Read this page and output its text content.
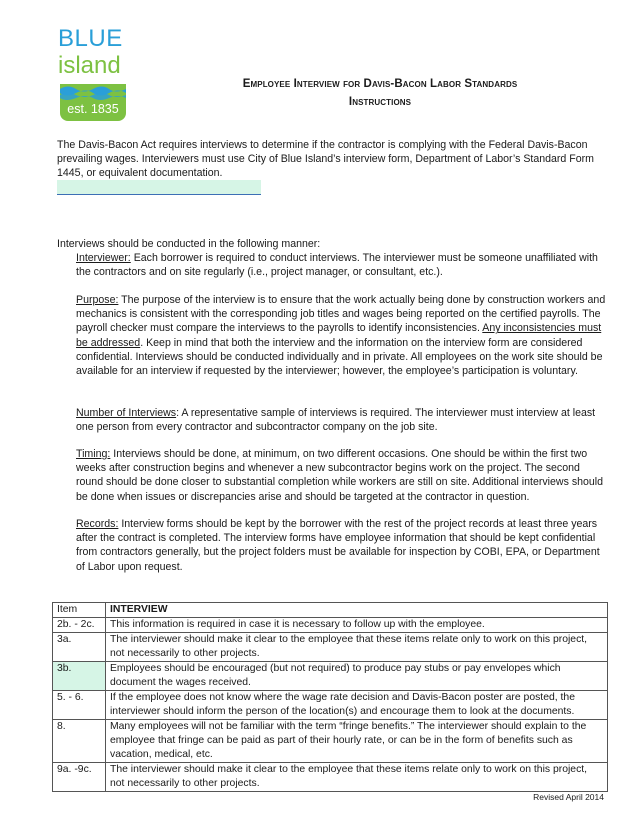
BLUE
island
est. 1835
Employee Interview for Davis-Bacon Labor Standards
Instructions
The Davis-Bacon Act requires interviews to determine if the contractor is complying with the Federal Davis-Bacon prevailing wages. Interviewers must use City of Blue Island’s interview form, Department of Labor’s Standard Form 1445, or equivalent documentation.
Interviews should be conducted in the following manner:
Interviewer: Each borrower is required to conduct interviews. The interviewer must be someone unaffiliated with the contractors and on site regularly (i.e., project manager, or consultant, etc.).
Purpose: The purpose of the interview is to ensure that the work actually being done by construction workers and mechanics is consistent with the corresponding job titles and wages being reported on the certified payrolls. The payroll checker must compare the interviews to the payrolls to identify inconsistencies. Any inconsistencies must be addressed. Keep in mind that both the interview and the information on the interview form are considered confidential. Interviews should be conducted individually and in private. All employees on the work site should be available for an interview if requested by the interviewer; however, the employee’s participation is voluntary.
Number of Interviews: A representative sample of interviews is required. The interviewer must interview at least one person from every contractor and subcontractor company on the job site.
Timing: Interviews should be done, at minimum, on two different occasions. One should be within the first two weeks after construction begins and whenever a new subcontractor begins work on the project. The second round should be done closer to substantial completion while workers are still on site. Additional interviews should be done when issues or discrepancies arise and should be targeted at the contractor in question.
Records: Interview forms should be kept by the borrower with the rest of the project records at least three years after the contract is completed. The interview forms have employee information that should be kept confidential from contractors generally, but the project folders must be available for inspection by COBI, EPA, or Department of Labor upon request.
Item	INTERVIEW
2b. - 2c.	This information is required in case it is necessary to follow up with the employee.
3a.	The interviewer should make it clear to the employee that these items relate only to work on this project, not necessarily to other projects.
3b.	Employees should be encouraged (but not required) to produce pay stubs or pay envelopes which document the wages received.
5. - 6.	If the employee does not know where the wage rate decision and Davis-Bacon poster are posted, the interviewer should inform the person of the location(s) and encourage them to look at the documents.
8.	Many employees will not be familiar with the term “fringe benefits.” The interviewer should explain to the employee that fringe can be paid as part of their hourly rate, or can be in the form of benefits such as vacation, medical, etc.
9a. -9c.	The interviewer should make it clear to the employee that these items relate only to work on this project, not necessarily to other projects.
Revised April 2014
